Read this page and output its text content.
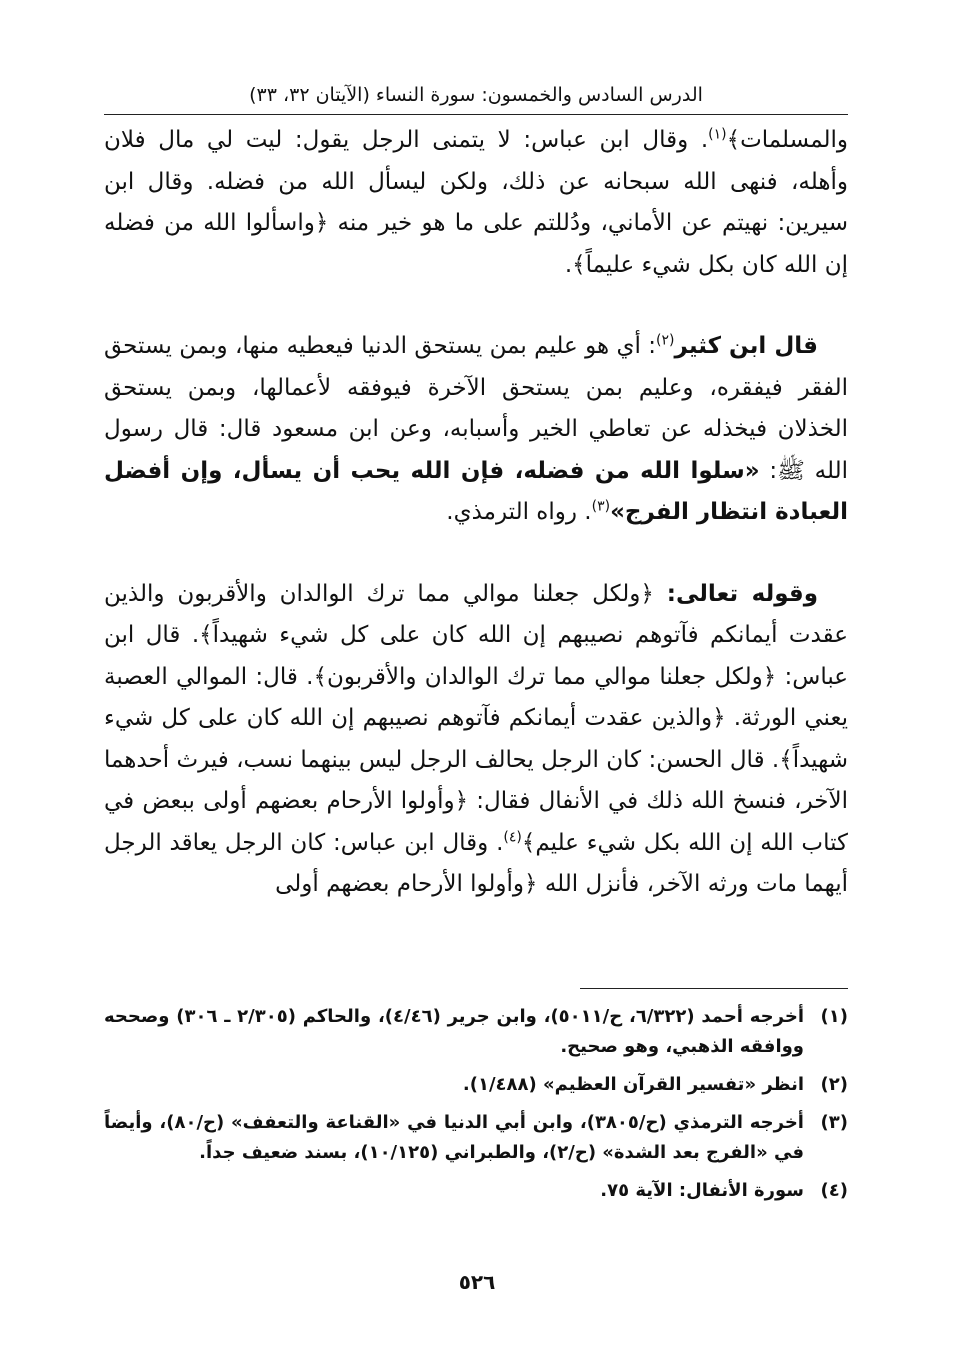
الدرس السادس والخمسون: سورة النساء (الآيتان ٣٢، ٣٣)

والمسلمات﴾$^{(١)}$. وقال ابن عباس: لا يتمنى الرجل يقول: ليت لي مال فلان وأهله، فنهى الله سبحانه عن ذلك، ولكن ليسأل الله من فضله. وقال ابن سيرين: نهيتم عن الأماني، ودُللتم على ما هو خير منه ﴿واسألوا الله من فضله إن الله كان بكل شيء عليماً﴾.

قال ابن كثير$^{(٢)}$: أي هو عليم بمن يستحق الدنيا فيعطيه منها، وبمن يستحق الفقر فيفقره، وعليم بمن يستحق الآخرة فيوفقه لأعمالها، وبمن يستحق الخذلان فيخذله عن تعاطي الخير وأسبابه، وعن ابن مسعود قال: قال رسول الله ﷺ: «سلوا الله من فضله، فإن الله يحب أن يسأل، وإن أفضل العبادة انتظار الفرج»$^{(٣)}$. رواه الترمذي.

وقوله تعالى: ﴿ولكل جعلنا موالي مما ترك الوالدان والأقربون والذين عقدت أيمانكم فآتوهم نصيبهم إن الله كان على كل شيء شهيداً﴾. قال ابن عباس: ﴿ولكل جعلنا موالي مما ترك الوالدان والأقربون﴾. قال: الموالي العصبة يعني الورثة. ﴿والذين عقدت أيمانكم فآتوهم نصيبهم إن الله كان على كل شيء شهيداً﴾. قال الحسن: كان الرجل يحالف الرجل ليس بينهما نسب، فيرث أحدهما الآخر، فنسخ الله ذلك في الأنفال فقال: ﴿وأولوا الأرحام بعضهم أولى ببعض في كتاب الله إن الله بكل شيء عليم﴾$^{(٤)}$. وقال ابن عباس: كان الرجل يعاقد الرجل أيهما مات ورثه الآخر، فأنزل الله ﴿وأولوا الأرحام بعضهم أولى

(١)
أخرجه أحمد (٦/٣٢٢، ح/٥٠١١)، وابن جرير (٤/٤٦)، والحاكم (٢/٣٠٥ ـ ٣٠٦) وصححه ووافقه الذهبي، وهو صحيح.
(٢)
انظر «تفسير القرآن العظيم» (١/٤٨٨).
(٣)
أخرجه الترمذي (ح/٣٨٠٥)، وابن أبي الدنيا في «القناعة والتعفف» (ح/٨٠)، وأيضاً في «الفرج بعد الشدة» (ح/٢)، والطبراني (١٠/١٢٥)، بسند ضعيف جداً.
(٤)
سورة الأنفال: الآية ٧٥.
٥٢٦
